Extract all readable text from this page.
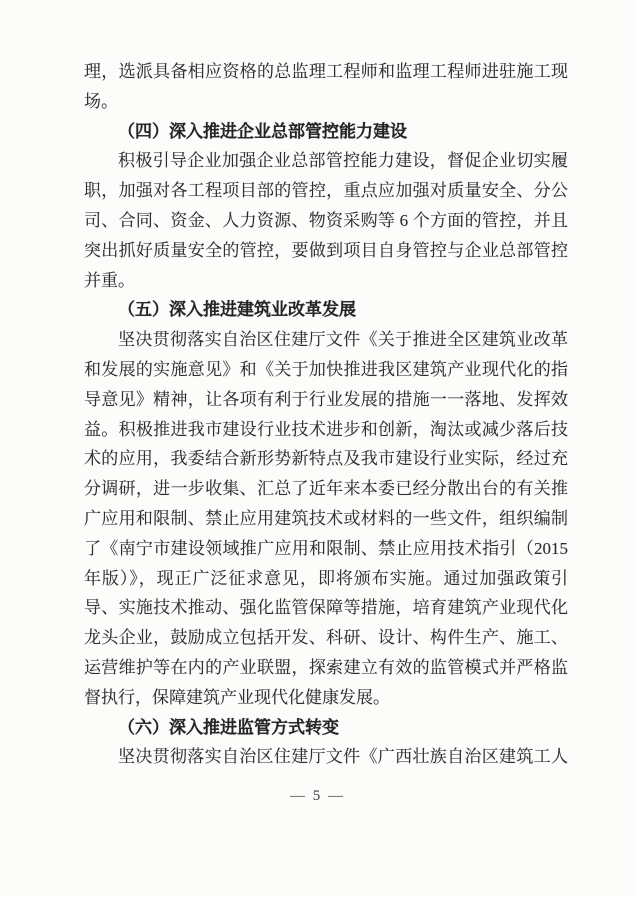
理，选派具备相应资格的总监理工程师和监理工程师进驻施工现
场。
（四）深入推进企业总部管控能力建设
积极引导企业加强企业总部管控能力建设，督促企业切实履
职，加强对各工程项目部的管控，重点应加强对质量安全、分公
司、合同、资金、人力资源、物资采购等 6 个方面的管控，并且
突出抓好质量安全的管控，要做到项目自身管控与企业总部管控
并重。
（五）深入推进建筑业改革发展
坚决贯彻落实自治区住建厅文件《关于推进全区建筑业改革
和发展的实施意见》和《关于加快推进我区建筑产业现代化的指
导意见》精神，让各项有利于行业发展的措施一一落地、发挥效
益。积极推进我市建设行业技术进步和创新，淘汰或减少落后技
术的应用，我委结合新形势新特点及我市建设行业实际，经过充
分调研，进一步收集、汇总了近年来本委已经分散出台的有关推
广应用和限制、禁止应用建筑技术或材料的一些文件，组织编制
了《南宁市建设领域推广应用和限制、禁止应用技术指引（2015
年版）》，现正广泛征求意见，即将颁布实施。通过加强政策引
导、实施技术推动、强化监管保障等措施，培育建筑产业现代化
龙头企业，鼓励成立包括开发、科研、设计、构件生产、施工、
运营维护等在内的产业联盟，探索建立有效的监管模式并严格监
督执行，保障建筑产业现代化健康发展。
（六）深入推进监管方式转变
坚决贯彻落实自治区住建厅文件《广西壮族自治区建筑工人
— 5 —
